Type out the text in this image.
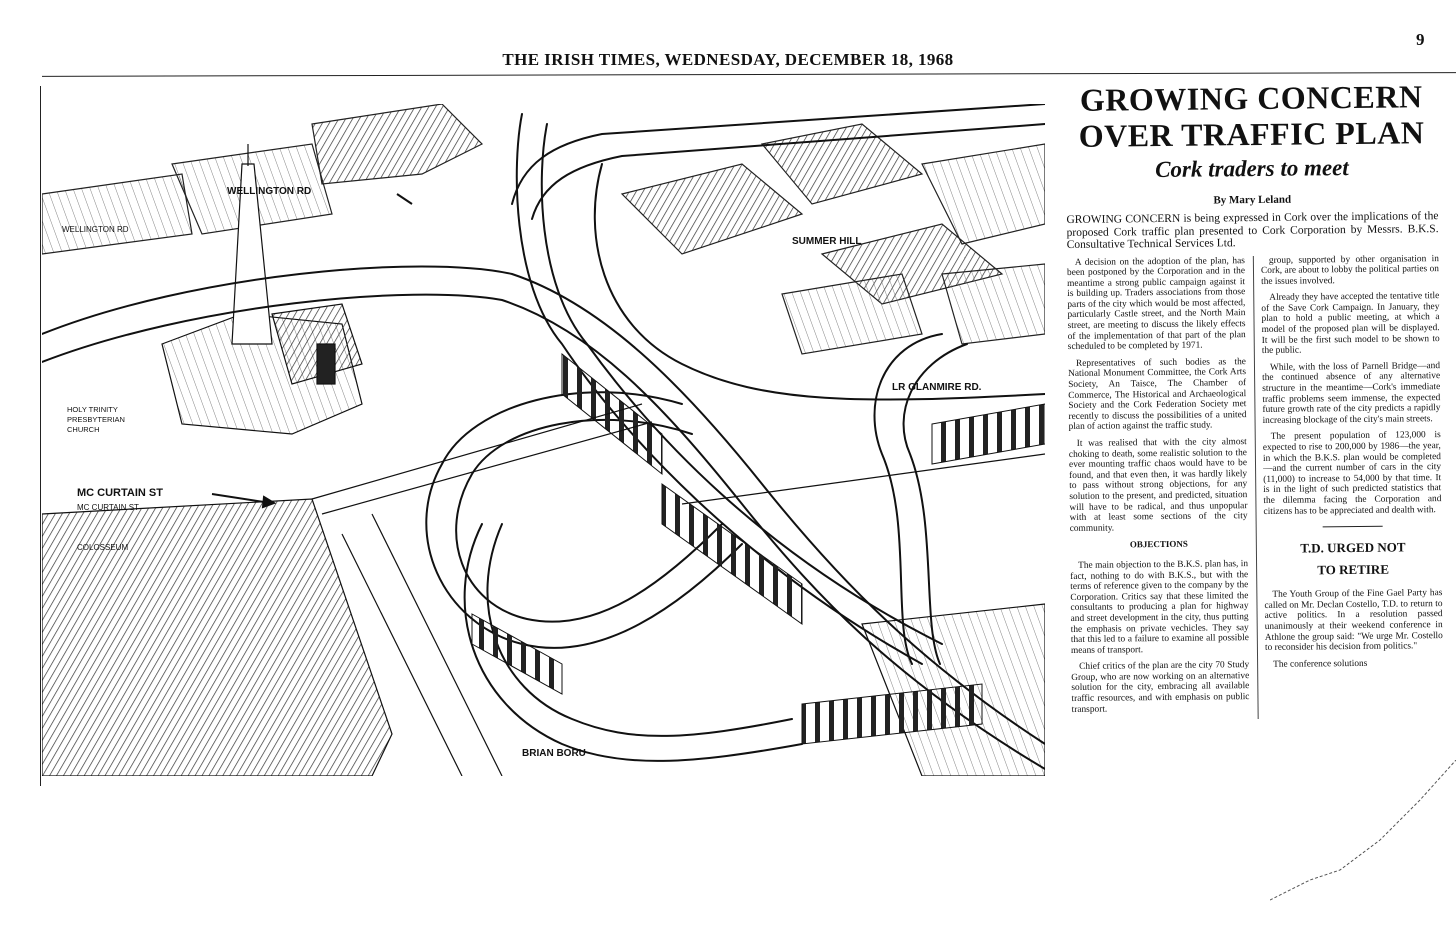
9
THE IRISH TIMES, WEDNESDAY, DECEMBER 18, 1968
WELLINGTON RD
WELLINGTON RD
SUMMER HILL
LR GLANMIRE RD.
MC CURTAIN ST
MC CURTAIN ST
COLOSSEUM
HOLY TRINITY
PRESBYTERIAN
CHURCH
BRIAN BORU
GROWING CONCERN
OVER TRAFFIC PLAN
Cork traders to meet
By Mary Leland

GROWING CONCERN is being expressed in Cork over the implications of the proposed Cork traffic plan presented to Cork Corporation by Messrs. B.K.S. Consultative Technical Services Ltd.

A decision on the adoption of the plan, has been postponed by the Corporation and in the meantime a strong public campaign against it is building up. Traders associations from those parts of the city which would be most affected, particularly Castle street, and the North Main street, are meeting to discuss the likely effects of the implementation of that part of the plan scheduled to be completed by 1971.

Representatives of such bodies as the National Monument Committee, the Cork Arts Society, An Taisce, The Chamber of Commerce, The Historical and Archaeological Society and the Cork Federation Society met recently to discuss the possibilities of a united plan of action against the traffic study.

It was realised that with the city almost choking to death, some realistic solution to the ever mounting traffic chaos would have to be found, and that even then, it was hardly likely to pass without strong objections, for any solution to the present, and predicted, situation will have to be radical, and thus unpopular with at least some sections of the city community.

OBJECTIONS

The main objection to the B.K.S. plan has, in fact, nothing to do with B.K.S., but with the terms of reference given to the company by the Corporation. Critics say that these limited the consultants to producing a plan for highway and street development in the city, thus putting the emphasis on private vechicles. They say that this led to a failure to examine all possible means of transport.

Chief critics of the plan are the city 70 Study Group, who are now working on an alternative solution for the city, embracing all available traffic resources, and with emphasis on public transport.

group, supported by other organisation in Cork, are about to lobby the political parties on the issues involved.

Already they have accepted the tentative title of the Save Cork Campaign. In January, they plan to hold a public meeting, at which a model of the proposed plan will be displayed. It will be the first such model to be shown to the public.

While, with the loss of Parnell Bridge—and the continued absence of any alternative structure in the meantime—Cork's immediate traffic problems seem immense, the expected future growth rate of the city predicts a rapidly increasing blockage of the city's main streets.

The present population of 123,000 is expected to rise to 200,000 by 1986—the year, in which the B.K.S. plan would be completed—and the current number of cars in the city (11,000) to increase to 54,000 by that time. It is in the light of such predicted statistics that the dilemma facing the Corporation and citizens has to be appreciated and dealth with.

T.D. URGED NOT
TO RETIRE

The Youth Group of the Fine Gael Party has called on Mr. Declan Costello, T.D. to return to active politics. In a resolution passed unanimously at their weekend conference in Athlone the group said: "We urge Mr. Costello to reconsider his decision from politics."

The conference solutions
